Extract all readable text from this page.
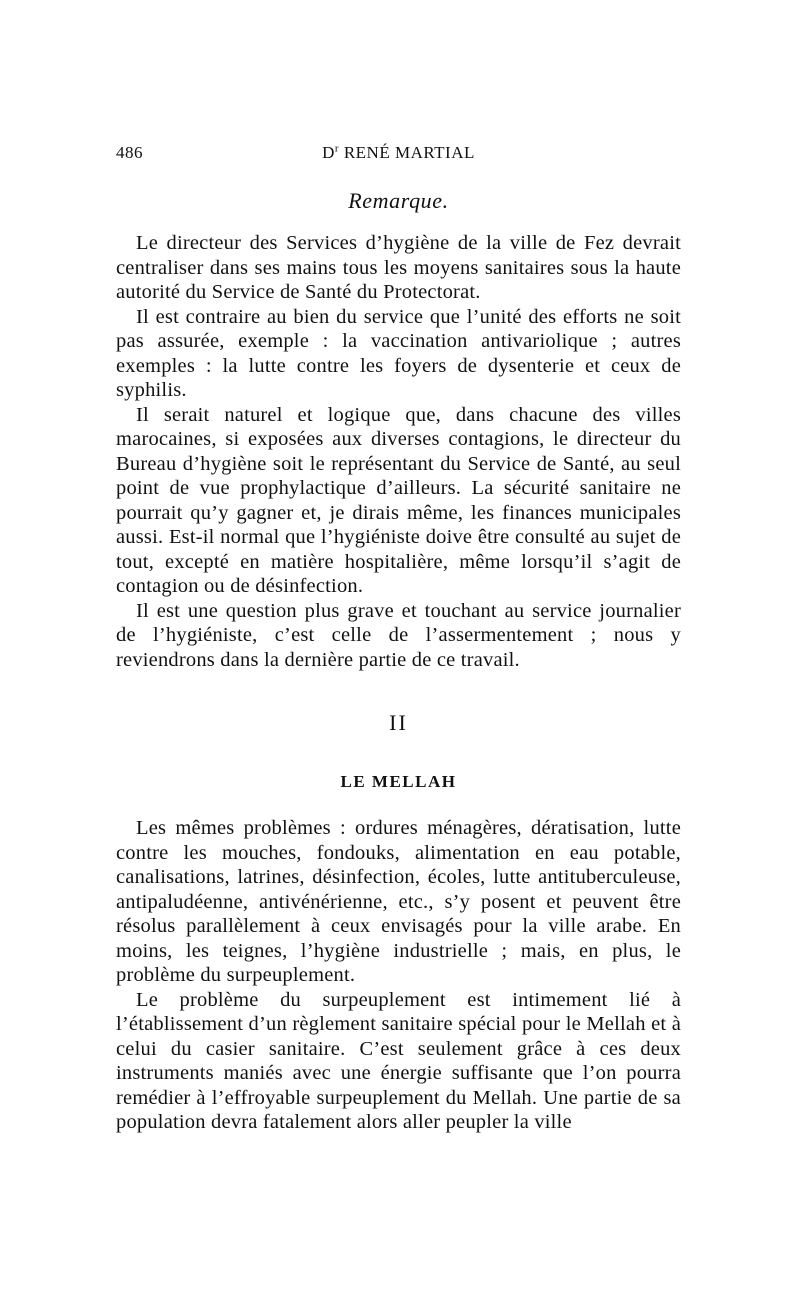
486	$D^r$ RENÉ MARTIAL
Remarque.

Le directeur des Services d’hygiène de la ville de Fez devrait centraliser dans ses mains tous les moyens sanitaires sous la haute autorité du Service de Santé du Protectorat.

Il est contraire au bien du service que l’unité des efforts ne soit pas assurée, exemple : la vaccination antivariolique ; autres exemples : la lutte contre les foyers de dysenterie et ceux de syphilis.

Il serait naturel et logique que, dans chacune des villes marocaines, si exposées aux diverses contagions, le directeur du Bureau d’hygiène soit le représentant du Service de Santé, au seul point de vue prophylactique d’ailleurs. La sécurité sanitaire ne pourrait qu’y gagner et, je dirais même, les finances municipales aussi. Est-il normal que l’hygiéniste doive être consulté au sujet de tout, excepté en matière hospitalière, même lorsqu’il s’agit de contagion ou de désinfection.

Il est une question plus grave et touchant au service journalier de l’hygiéniste, c’est celle de l’assermentement ; nous y reviendrons dans la dernière partie de ce travail.

II
LE MELLAH

Les mêmes problèmes : ordures ménagères, dératisation, lutte contre les mouches, fondouks, alimentation en eau potable, canalisations, latrines, désinfection, écoles, lutte antituberculeuse, antipaludéenne, antivénérienne, etc., s’y posent et peuvent être résolus parallèlement à ceux envisagés pour la ville arabe. En moins, les teignes, l’hygiène industrielle ; mais, en plus, le problème du surpeuplement.

Le problème du surpeuplement est intimement lié à l’établissement d’un règlement sanitaire spécial pour le Mellah et à celui du casier sanitaire. C’est seulement grâce à ces deux instruments maniés avec une énergie suffisante que l’on pourra remédier à l’effroyable surpeuplement du Mellah. Une partie de sa population devra fatalement alors aller peupler la ville
